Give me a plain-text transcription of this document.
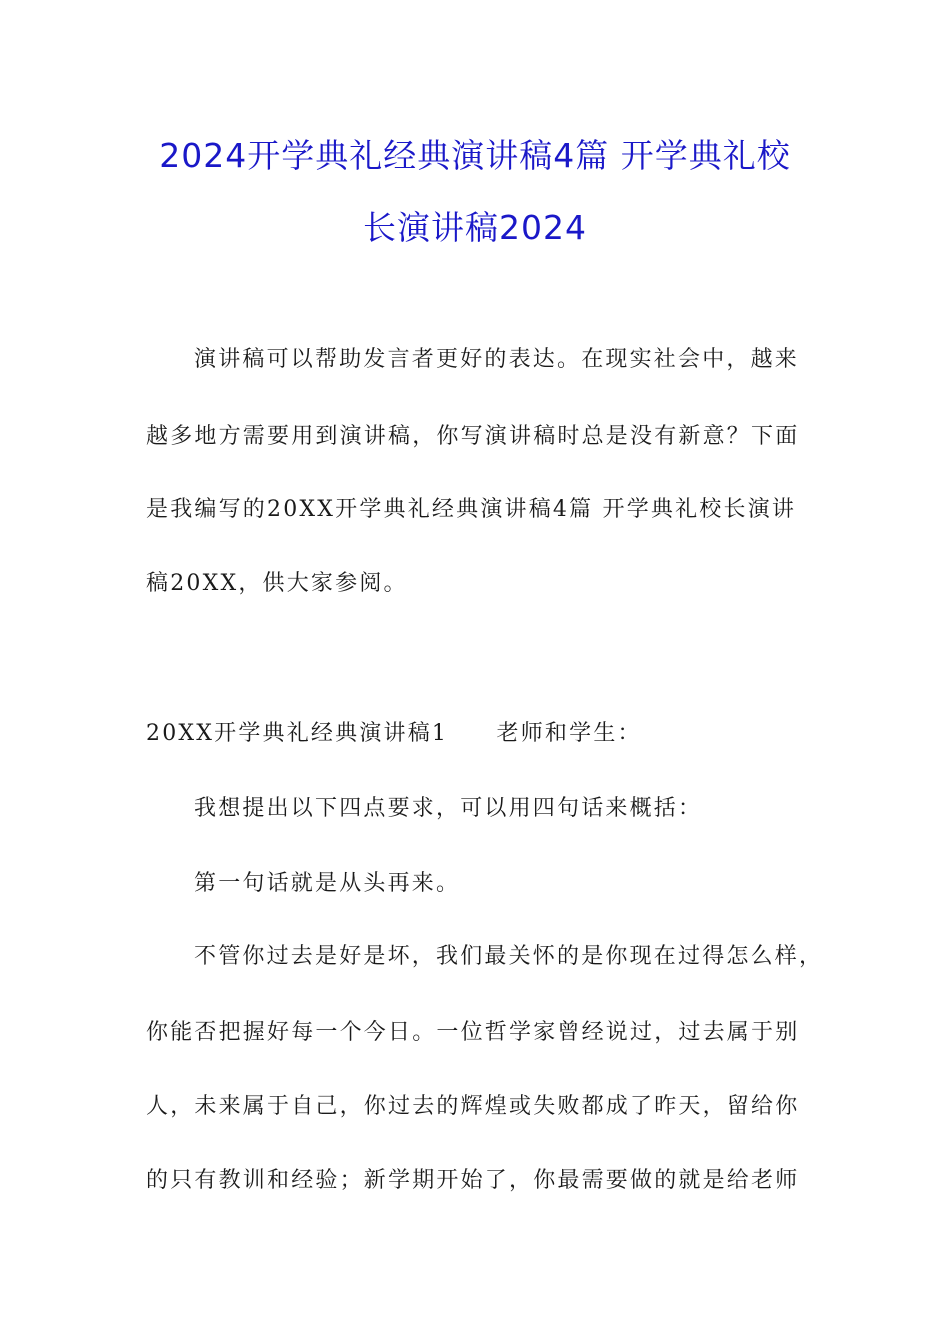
2024开学典礼经典演讲稿4篇 开学典礼校
长演讲稿2024
演讲稿可以帮助发言者更好的表达。在现实社会中，越来
越多地方需要用到演讲稿，你写演讲稿时总是没有新意？下面
是我编写的20XX开学典礼经典演讲稿4篇 开学典礼校长演讲
稿20XX，供大家参阅。
20XX开学典礼经典演讲稿1　　老师和学生：
我想提出以下四点要求，可以用四句话来概括：
第一句话就是从头再来。
不管你过去是好是坏，我们最关怀的是你现在过得怎么样，
你能否把握好每一个今日。一位哲学家曾经说过，过去属于别
人，未来属于自己，你过去的辉煌或失败都成了昨天，留给你
的只有教训和经验；新学期开始了，你最需要做的就是给老师
